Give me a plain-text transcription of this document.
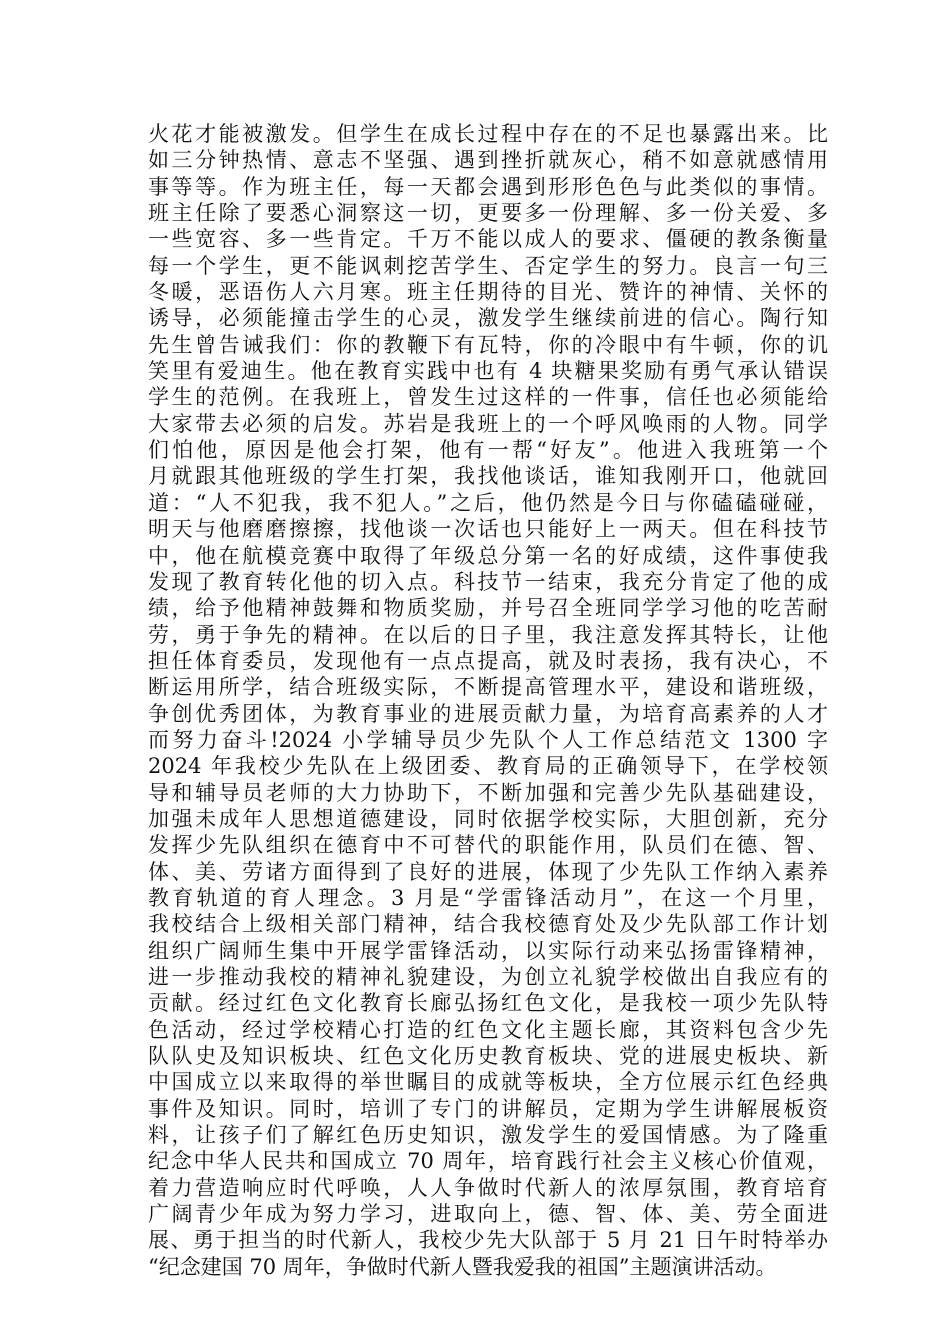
火花才能被激发。但学生在成长过程中存在的不足也暴露出来。比
如三分钟热情、意志不坚强、遇到挫折就灰心，稍不如意就感情用
事等等。作为班主任，每一天都会遇到形形色色与此类似的事情。
班主任除了要悉心洞察这一切，更要多一份理解、多一份关爱、多
一些宽容、多一些肯定。千万不能以成人的要求、僵硬的教条衡量
每一个学生，更不能讽刺挖苦学生、否定学生的努力。良言一句三
冬暖，恶语伤人六月寒。班主任期待的目光、赞许的神情、关怀的
诱导，必须能撞击学生的心灵，激发学生继续前进的信心。陶行知
先生曾告诫我们：你的教鞭下有瓦特，你的冷眼中有牛顿，你的讥
笑里有爱迪生。他在教育实践中也有 4 块糖果奖励有勇气承认错误
学生的范例。在我班上，曾发生过这样的一件事，信任也必须能给
大家带去必须的启发。苏岩是我班上的一个呼风唤雨的人物。同学
们怕他，原因是他会打架，他有一帮“好友”。他进入我班第一个
月就跟其他班级的学生打架，我找他谈话，谁知我刚开口，他就回
道：“人不犯我，我不犯人。”之后，他仍然是今日与你磕磕碰碰，
明天与他磨磨擦擦，找他谈一次话也只能好上一两天。但在科技节
中，他在航模竞赛中取得了年级总分第一名的好成绩，这件事使我
发现了教育转化他的切入点。科技节一结束，我充分肯定了他的成
绩，给予他精神鼓舞和物质奖励，并号召全班同学学习他的吃苦耐
劳，勇于争先的精神。在以后的日子里，我注意发挥其特长，让他
担任体育委员，发现他有一点点提高，就及时表扬，我有决心，不
断运用所学，结合班级实际，不断提高管理水平，建设和谐班级，
争创优秀团体，为教育事业的进展贡献力量，为培育高素养的人才
而努力奋斗!2024 小学辅导员少先队个人工作总结范文 1300 字
2024 年我校少先队在上级团委、教育局的正确领导下，在学校领
导和辅导员老师的大力协助下，不断加强和完善少先队基础建设，
加强未成年人思想道德建设，同时依据学校实际，大胆创新，充分
发挥少先队组织在德育中不可替代的职能作用，队员们在德、智、
体、美、劳诸方面得到了良好的进展，体现了少先队工作纳入素养
教育轨道的育人理念。3 月是“学雷锋活动月”，在这一个月里，
我校结合上级相关部门精神，结合我校德育处及少先队部工作计划
组织广阔师生集中开展学雷锋活动，以实际行动来弘扬雷锋精神，
进一步推动我校的精神礼貌建设，为创立礼貌学校做出自我应有的
贡献。经过红色文化教育长廊弘扬红色文化，是我校一项少先队特
色活动，经过学校精心打造的红色文化主题长廊，其资料包含少先
队队史及知识板块、红色文化历史教育板块、党的进展史板块、新
中国成立以来取得的举世瞩目的成就等板块，全方位展示红色经典
事件及知识。同时，培训了专门的讲解员，定期为学生讲解展板资
料，让孩子们了解红色历史知识，激发学生的爱国情感。为了隆重
纪念中华人民共和国成立 70 周年，培育践行社会主义核心价值观，
着力营造响应时代呼唤，人人争做时代新人的浓厚氛围，教育培育
广阔青少年成为努力学习，进取向上，德、智、体、美、劳全面进
展、勇于担当的时代新人，我校少先大队部于 5 月 21 日午时特举办
“纪念建国 70 周年，争做时代新人暨我爱我的祖国”主题演讲活动。
